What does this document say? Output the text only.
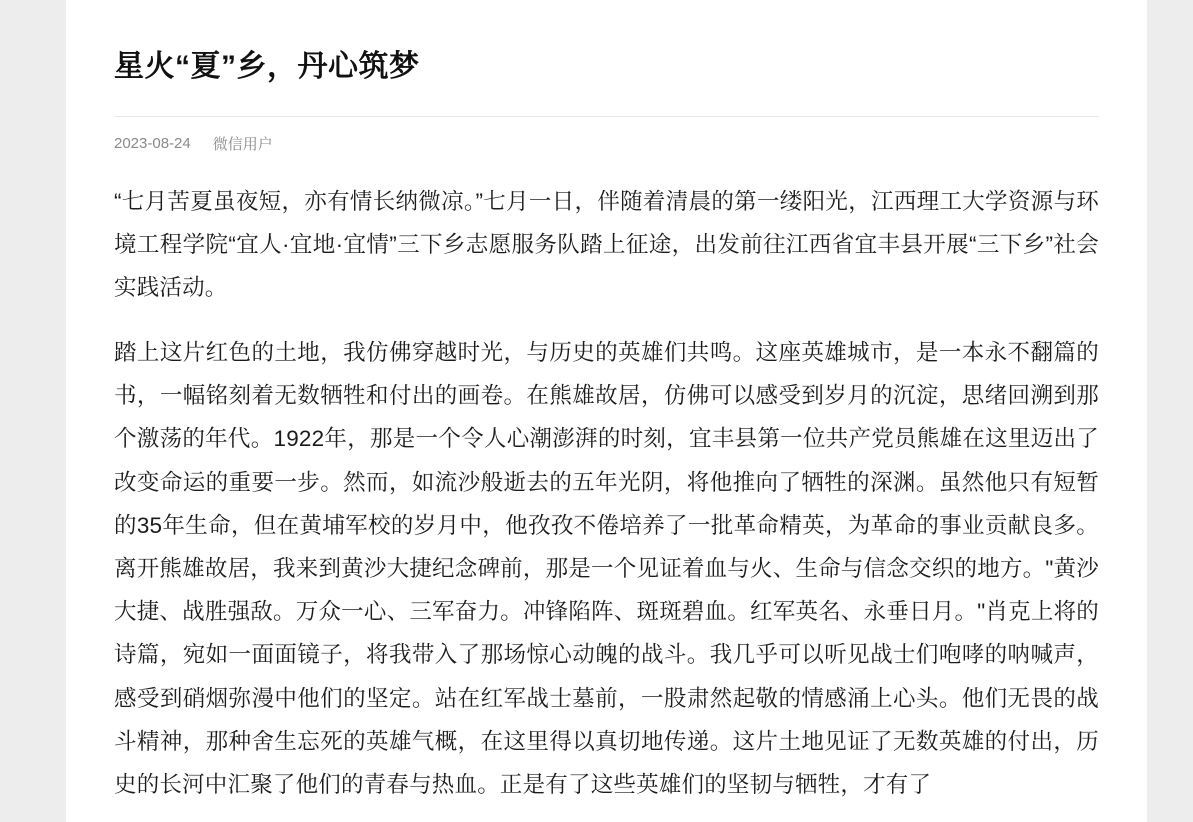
星火“夏”乡，丹心筑梦
2023-08-24 微信用户

“七月苦夏虽夜短，亦有情长纳微凉。”七月一日，伴随着清晨的第一缕阳光，江西理工大学资源与环境工程学院“宜人·宜地·宜情”三下乡志愿服务队踏上征途，出发前往江西省宜丰县开展“三下乡”社会实践活动。

踏上这片红色的土地，我仿佛穿越时光，与历史的英雄们共鸣。这座英雄城市，是一本永不翻篇的书，一幅铭刻着无数牺牲和付出的画卷。在熊雄故居，仿佛可以感受到岁月的沉淀，思绪回溯到那个激荡的年代。1922年，那是一个令人心潮澎湃的时刻，宜丰县第一位共产党员熊雄在这里迈出了改变命运的重要一步。然而，如流沙般逝去的五年光阴，将他推向了牺牲的深渊。虽然他只有短暂的35年生命，但在黄埔军校的岁月中，他孜孜不倦培养了一批革命精英，为革命的事业贡献良多。离开熊雄故居，我来到黄沙大捷纪念碑前，那是一个见证着血与火、生命与信念交织的地方。"黄沙大捷、战胜强敌。万众一心、三军奋力。冲锋陷阵、斑斑碧血。红军英名、永垂日月。"肖克上将的诗篇，宛如一面面镜子，将我带入了那场惊心动魄的战斗。我几乎可以听见战士们咆哮的呐喊声，感受到硝烟弥漫中他们的坚定。站在红军战士墓前，一股肃然起敬的情感涌上心头。他们无畏的战斗精神，那种舍生忘死的英雄气概，在这里得以真切地传递。这片土地见证了无数英雄的付出，历史的长河中汇聚了他们的青春与热血。正是有了这些英雄们的坚韧与牺牲，才有了
